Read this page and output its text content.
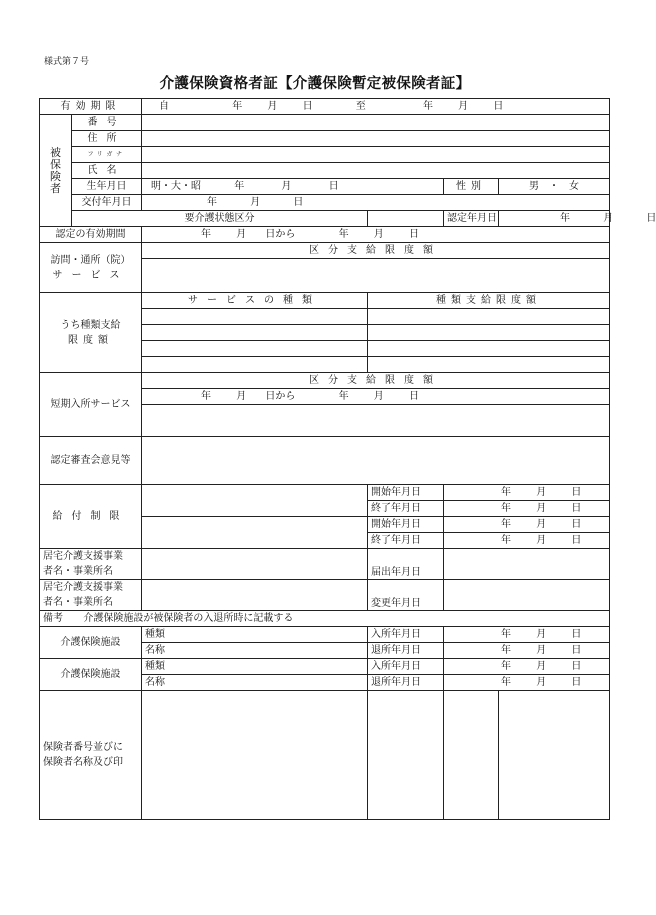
様式第７号
介護保険資格者証【介護保険暫定被保険者証】
有効期限		自 年 月 日 至 年 月 日			

被
保
険
者	番号				
	住所				
	フリガナ				
	氏名				
	生年月日	明・大・昭 年 月 日		性別	男　・　女
	交付年月日	年 月 日			
	要介護状態区分			認定年月日	年 月 日
認定の有効期間		年 月 日から 年 月 日			

訪問・通所（院）
サービス		区分支給限度額			

うち種類支給
限度額		サービスの種類	種類支給限度額		

短期入所サービス		区分支給限度額			
		年 月 日から 年 月 日			

認定審査会意見等					
給付制限			開始年月日	年 月 日	
			終了年月日	年 月 日	
			開始年月日	年 月 日	
			終了年月日	年 月 日	

居宅介護支援事業
者名・事業所名			届出年月日		

居宅介護支援事業
者名・事業所名			変更年月日		
備考 介護保険施設が被保険者の入退所時に記載する					
介護保険施設		種類	入所年月日	年 月 日	
		名称	退所年月日	年 月 日	
介護保険施設		種類	入所年月日	年 月 日	
		名称	退所年月日	年 月 日	

保険者番号並びに
保険者名称及び印					
